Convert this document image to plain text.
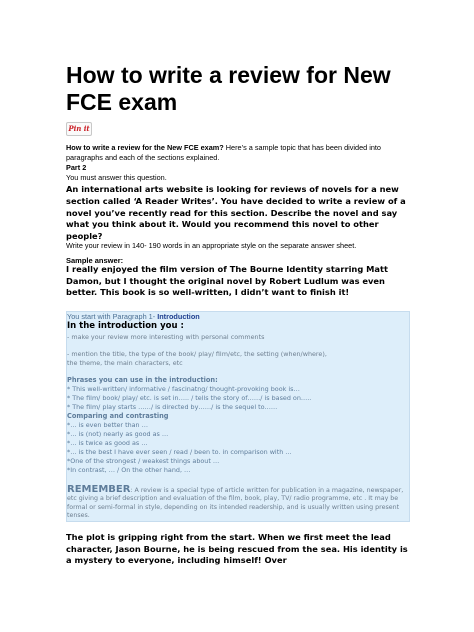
How to write a review for New FCE exam
Pin it
How to write a review for the New FCE exam? Here’s a sample topic that has been divided into paragraphs and each of the sections explained.
Part 2
You must answer this question.
An international arts website is looking for reviews of novels for a new section called ‘A Reader Writes’. You have decided to write a review of a novel you’ve recently read for this section. Describe the novel and say what you think about it. Would you recommend this novel to other people?
Write your review in 140- 190 words in an appropriate style on the separate answer sheet.
Sample answer:
I really enjoyed the film version of The Bourne Identity starring Matt Damon, but I thought the original novel by Robert Ludlum was even better. This book is so well-written, I didn’t want to finish it!
You start with Paragraph 1- Introduction
In the introduction you :
- make your review more interesting with personal comments
- mention the title, the type of the book/ play/ film/etc, the setting (when/where),
the theme, the main characters, etc
Phrases you can use in the introduction:
* This well-written/ informative / fascinatng/ thought-provoking book is…
* The film/ book/ play/ etc. is set in….. / tells the story of……/ is based on…..
* The film/ play starts ……/ is directed by……/ is the sequel to……
Comparing and contrasting
*… is even better than …
*… is (not) nearly as good as …
*… is twice as good as …
*… is the best I have ever seen / read / been to. in comparison with …
*One of the strongest / weakest things about …
*In contrast, … / On the other hand, …
REMEMBER: A review is a special type of article written for publication in a magazine, newspaper, etc giving a brief description and evaluation of the film, book, play, TV/ radio programme, etc . It may be formal or semi-formal in style, depending on its intended readership, and is usually written using present tenses.
The plot is gripping right from the start. When we first meet the lead character, Jason Bourne, he is being rescued from the sea. His identity is a mystery to everyone, including himself! Over
